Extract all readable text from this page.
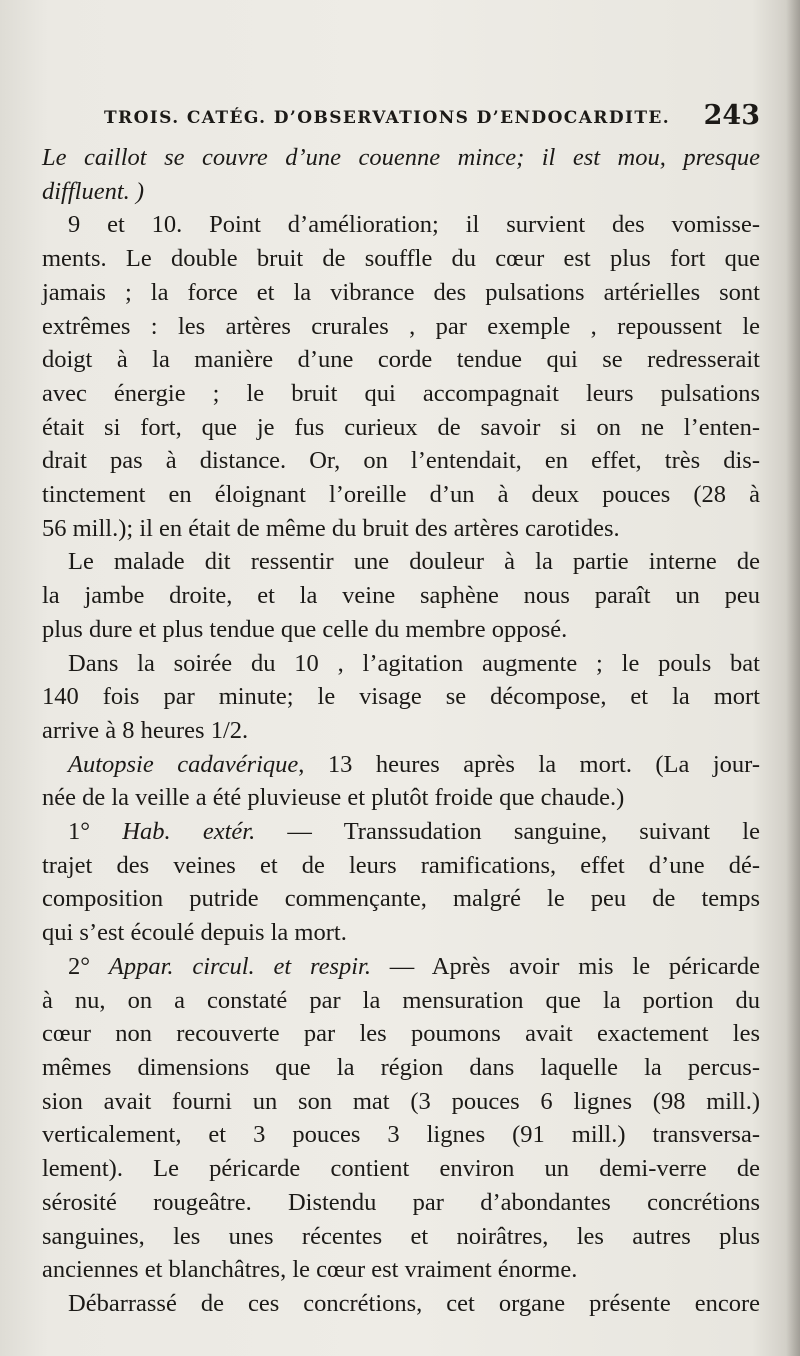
TROIS. CATÉG. D’OBSERVATIONS D’ENDOCARDITE. 243
Le caillot se couvre d’une couenne mince; il est mou, presque
diffluent. )
9 et 10. Point d’amélioration; il survient des vomisse-
ments. Le double bruit de souffle du cœur est plus fort que
jamais ; la force et la vibrance des pulsations artérielles sont
extrêmes : les artères crurales , par exemple , repoussent le
doigt à la manière d’une corde tendue qui se redresserait
avec énergie ; le bruit qui accompagnait leurs pulsations
était si fort, que je fus curieux de savoir si on ne l’enten-
drait pas à distance. Or, on l’entendait, en effet, très dis-
tinctement en éloignant l’oreille d’un à deux pouces (28 à
56 mill.); il en était de même du bruit des artères carotides.
Le malade dit ressentir une douleur à la partie interne de
la jambe droite, et la veine saphène nous paraît un peu
plus dure et plus tendue que celle du membre opposé.
Dans la soirée du 10 , l’agitation augmente ; le pouls bat
140 fois par minute; le visage se décompose, et la mort
arrive à 8 heures 1/2.
Autopsie cadavérique, 13 heures après la mort. (La jour-
née de la veille a été pluvieuse et plutôt froide que chaude.)
1° Hab. extér. — Transsudation sanguine, suivant le
trajet des veines et de leurs ramifications, effet d’une dé-
composition putride commençante, malgré le peu de temps
qui s’est écoulé depuis la mort.
2° Appar. circul. et respir. — Après avoir mis le péricarde
à nu, on a constaté par la mensuration que la portion du
cœur non recouverte par les poumons avait exactement les
mêmes dimensions que la région dans laquelle la percus-
sion avait fourni un son mat (3 pouces 6 lignes (98 mill.)
verticalement, et 3 pouces 3 lignes (91 mill.) transversa-
lement). Le péricarde contient environ un demi-verre de
sérosité rougeâtre. Distendu par d’abondantes concrétions
sanguines, les unes récentes et noirâtres, les autres plus
anciennes et blanchâtres, le cœur est vraiment énorme.
Débarrassé de ces concrétions, cet organe présente encore
